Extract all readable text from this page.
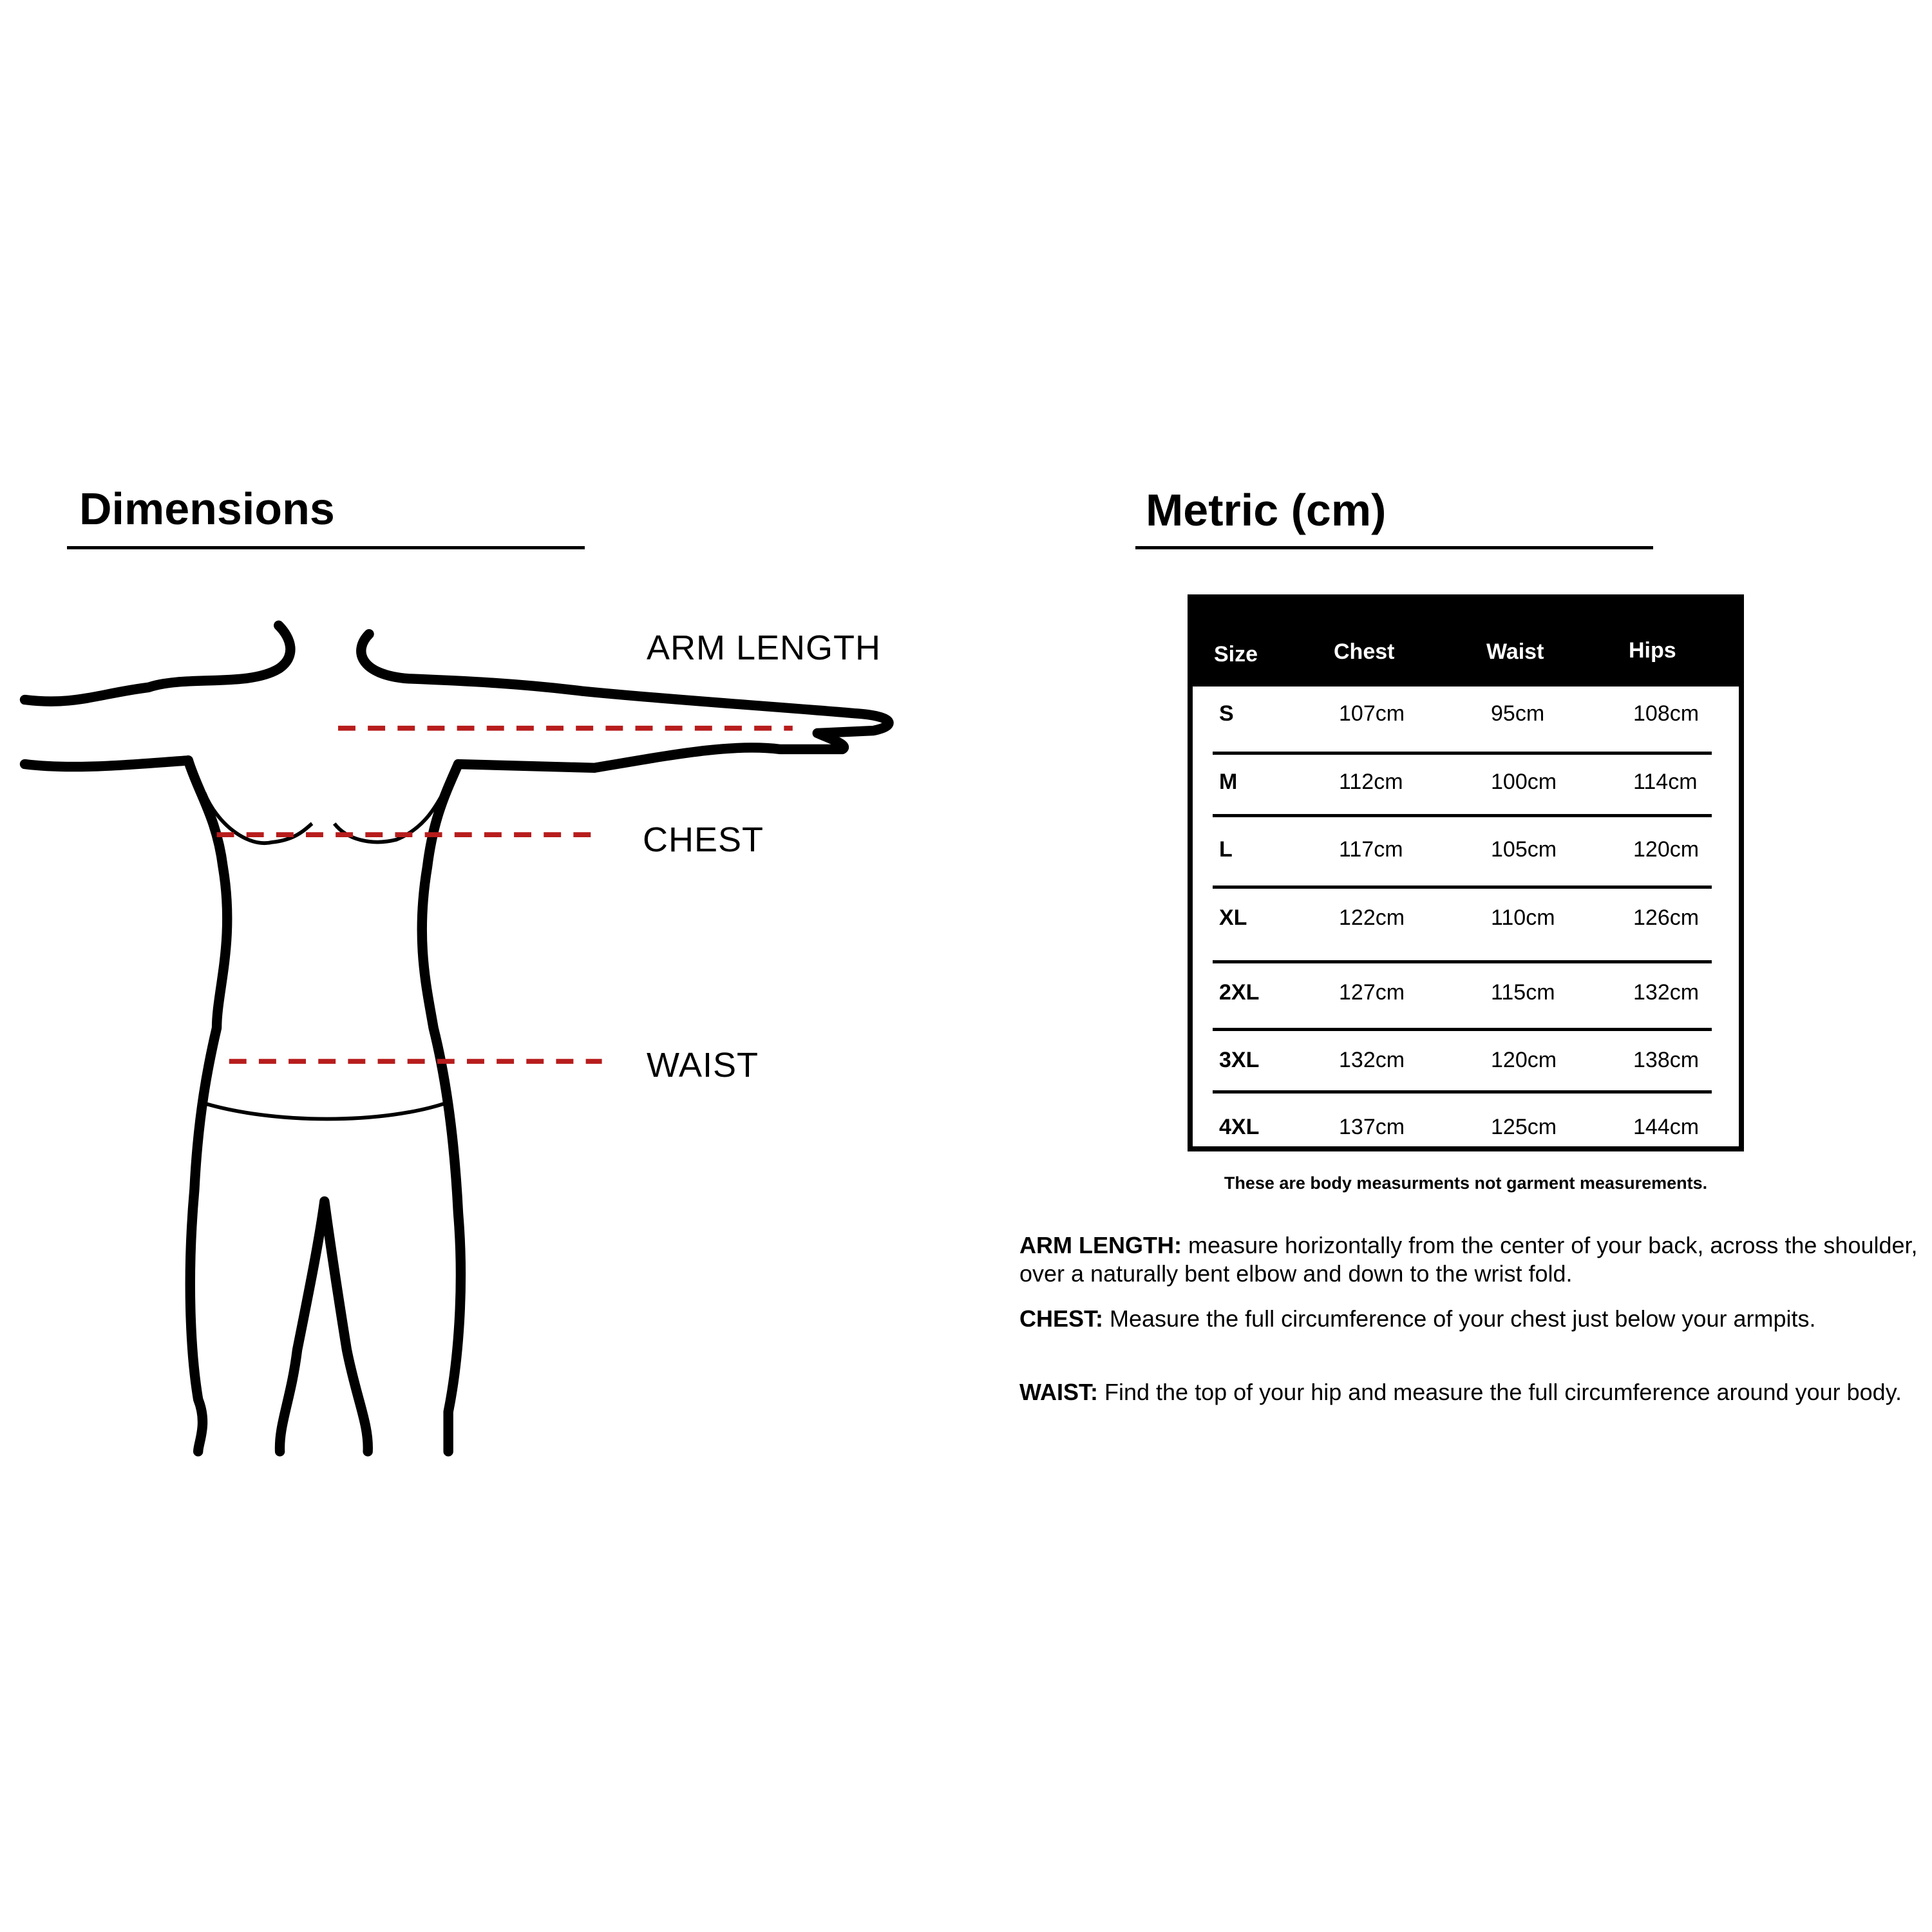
Dimensions	Metric (cm)
ARM LENGTH
CHEST
WAIST
Size	Chest	Waist	Hips
S	107cm	95cm	108cm
M	112cm	100cm	114cm
L	117cm	105cm	120cm
XL	122cm	110cm	126cm
2XL	127cm	115cm	132cm
3XL	132cm	120cm	138cm
4XL	137cm	125cm	144cm
These are body measurments not garment measurements.

ARM LENGTH: measure horizontally from the center of your back, across the shoulder, over a naturally bent elbow and down to the wrist fold.

CHEST: Measure the full circumference of your chest just below your armpits.

WAIST: Find the top of your hip and measure the full circumference around your body.
